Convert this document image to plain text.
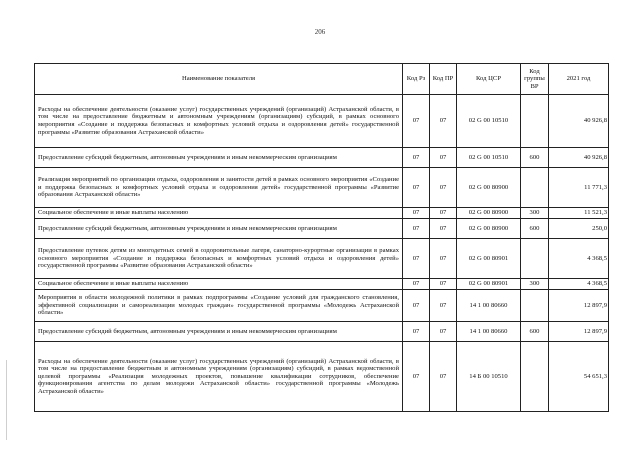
206
Наименование показателя	Код Рз	Код ПР	Код ЦСР	Код группы ВР	2021 год
Расходы на обеспечение деятельности (оказание услуг) государственных учреждений (организаций) Астраханской области, в том числе на предоставление бюджетным и автономным учреждениям (организациям) субсидий, в рамках основного мероприятия «Создание и поддержка безопасных и комфортных условий отдыха и оздоровления детей» государственной программы «Развитие образования Астраханской области»	07	07	02 G 00 10510		40 926,8
Предоставление субсидий бюджетным, автономным учреждениям и иным некоммерческим организациям	07	07	02 G 00 10510	600	40 926,8
Реализация мероприятий по организации отдыха, оздоровления и занятости детей в рамках основного мероприятия «Создание и поддержка безопасных и комфортных условий отдыха и оздоровления детей» государственной программы «Развитие образования Астраханской области»	07	07	02 G 00 80900		11 771,3
Социальное обеспечение и иные выплаты населению	07	07	02 G 00 80900	300	11 521,3
Предоставление субсидий бюджетным, автономным учреждениям и иным некоммерческим организациям	07	07	02 G 00 80900	600	250,0
Предоставление путевок детям из многодетных семей в оздоровительные лагеря, санаторно-курортные организации в рамках основного мероприятия «Создание и поддержка безопасных и комфортных условий отдыха и оздоровления детей» государственной программы «Развитие образования Астраханской области»	07	07	02 G 00 80901		4 368,5
Социальное обеспечение и иные выплаты населению	07	07	02 G 00 80901	300	4 368,5
Мероприятия в области молодежной политики в рамках подпрограммы «Создание условий для гражданского становления, эффективной социализации и самореализации молодых граждан» государственной программы «Молодежь Астраханской области»	07	07	14 1 00 80660		12 897,9
Предоставление субсидий бюджетным, автономным учреждениям и иным некоммерческим организациям	07	07	14 1 00 80660	600	12 897,9
Расходы на обеспечение деятельности (оказание услуг) государственных учреждений (организаций) Астраханской области, в том числе на предоставление бюджетным и автономным учреждениям (организациям) субсидий, в рамках ведомственной целевой программы «Реализация молодежных проектов, повышение квалификации сотрудников, обеспечение функционирования агентства по делам молодежи Астраханской области» государственной программы «Молодежь Астраханской области»	07	07	14 Б 00 10510		54 651,3
